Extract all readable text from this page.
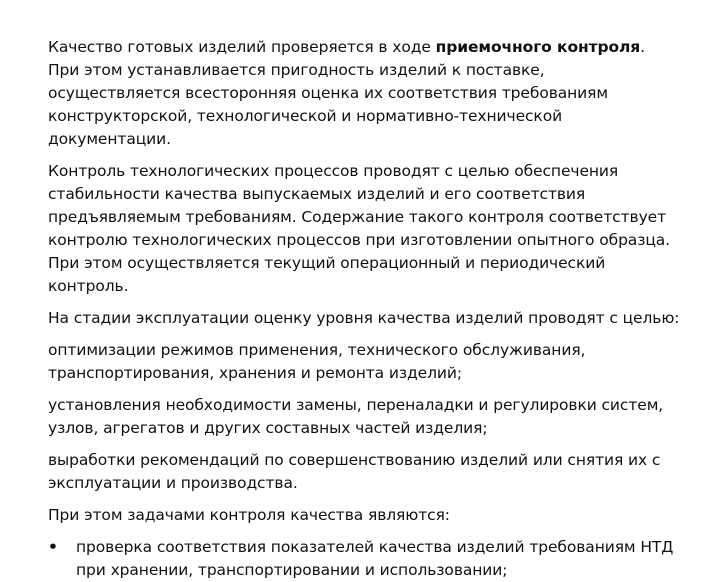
Качество готовых изделий проверяется в ходе приемочного контроля. При этом устанавливается пригодность изделий к поставке, осуществляется всесторонняя оценка их соответствия требованиям конструкторской, технологической и нормативно-технической документации.

Контроль технологических процессов проводят с целью обеспечения стабильности качества выпускаемых изделий и его соответствия предъявляемым требованиям. Содержание такого контроля соответствует контролю технологических процессов при изготовлении опытного образца. При этом осуществляется текущий операционный и периодический контроль.

На стадии эксплуатации оценку уровня качества изделий проводят с целью:

оптимизации режимов применения, технического обслуживания, транспортирования, хранения и ремонта изделий;

установления необходимости замены, переналадки и регулировки систем, узлов, агрегатов и других составных частей изделия;

выработки рекомендаций по совершенствованию изделий или снятия их с эксплуатации и производства.

При этом задачами контроля качества являются:

• проверка соответствия показателей качества изделий требованиям НТД при хранении, транспортировании и использовании;
